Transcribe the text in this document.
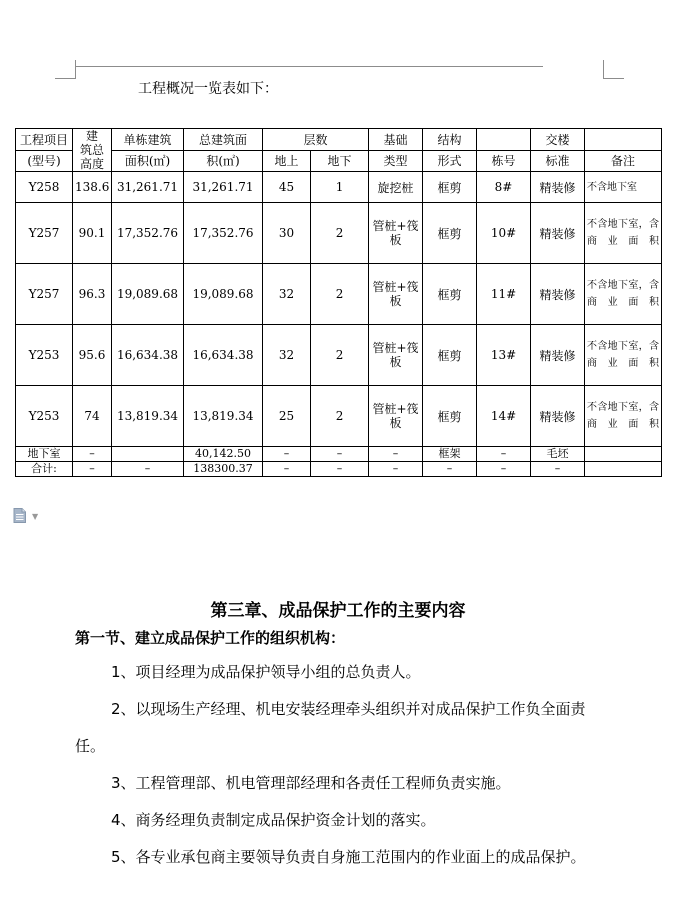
工程概况一览表如下：
工程项目	建　筑总　高度	单栋建筑	总建筑面	层数		基础	结构		交楼	
(型号)		面积(㎡)	积(㎡)	地上	地下	类型	形式	栋号	标准	备注
Y258	138.6	31,261.71	31,261.71	45	1	旋挖桩	框剪	8#	精装修	不含地下室
Y257	90.1	17,352.76	17,352.76	30	2	管桩+筏板	框剪	10#	精装修	不含地下室，含商业面积
Y257	96.3	19,089.68	19,089.68	32	2	管桩+筏板	框剪	11#	精装修	不含地下室，含商业面积
Y253	95.6	16,634.38	16,634.38	32	2	管桩+筏板	框剪	13#	精装修	不含地下室，含商业面积
Y253	74	13,819.34	13,819.34	25	2	管桩+筏板	框剪	14#	精装修	不含地下室，含商业面积
地下室	–		40,142.50	–	–	–	框架	–	毛坯	
合计:	–	–	138300.37	–	–	–	–	–	–	
▼
第三章、成品保护工作的主要内容
第一节、建立成品保护工作的组织机构：
1、项目经理为成品保护领导小组的总负责人。
2、以现场生产经理、机电安装经理牵头组织并对成品保护工作负全面责任。
3、工程管理部、机电管理部经理和各责任工程师负责实施。
4、商务经理负责制定成品保护资金计划的落实。
5、各专业承包商主要领导负责自身施工范围内的作业面上的成品保护。
